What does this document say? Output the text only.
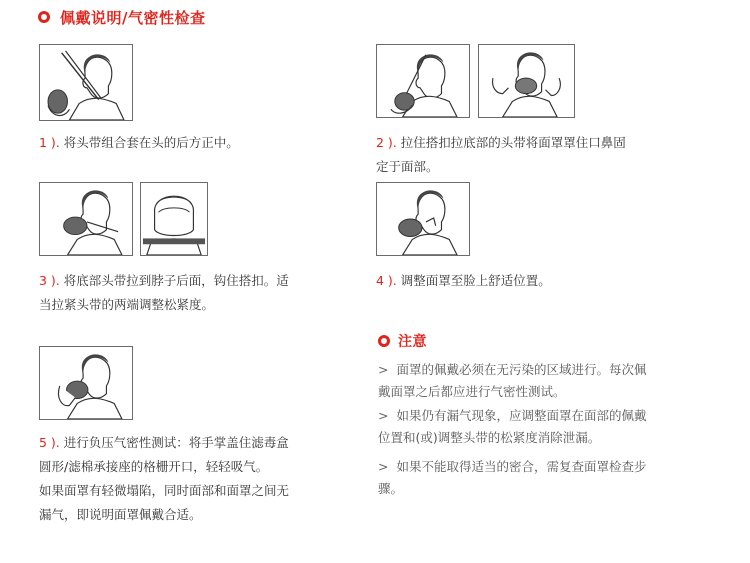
佩戴说明/气密性检查
1 ). 将头带组合套在头的后方正中。	2 ). 拉住搭扣拉底部的头带将面罩罩住口鼻固
定于面部。
3 ). 将底部头带拉到脖子后面，钩住搭扣。适
当拉紧头带的两端调整松紧度。
4 ). 调整面罩至脸上舒适位置。
5 ). 进行负压气密性测试：将手掌盖住滤毒盒
圆形/滤棉承接座的格栅开口，轻轻吸气。
如果面罩有轻微塌陷，同时面部和面罩之间无
漏气，即说明面罩佩戴合适。
注意
> 面罩的佩戴必须在无污染的区域进行。每次佩
戴面罩之后都应进行气密性测试。
> 如果仍有漏气现象，应调整面罩在面部的佩戴
位置和(或)调整头带的松紧度消除泄漏。
> 如果不能取得适当的密合，需复查面罩检查步
骤。
